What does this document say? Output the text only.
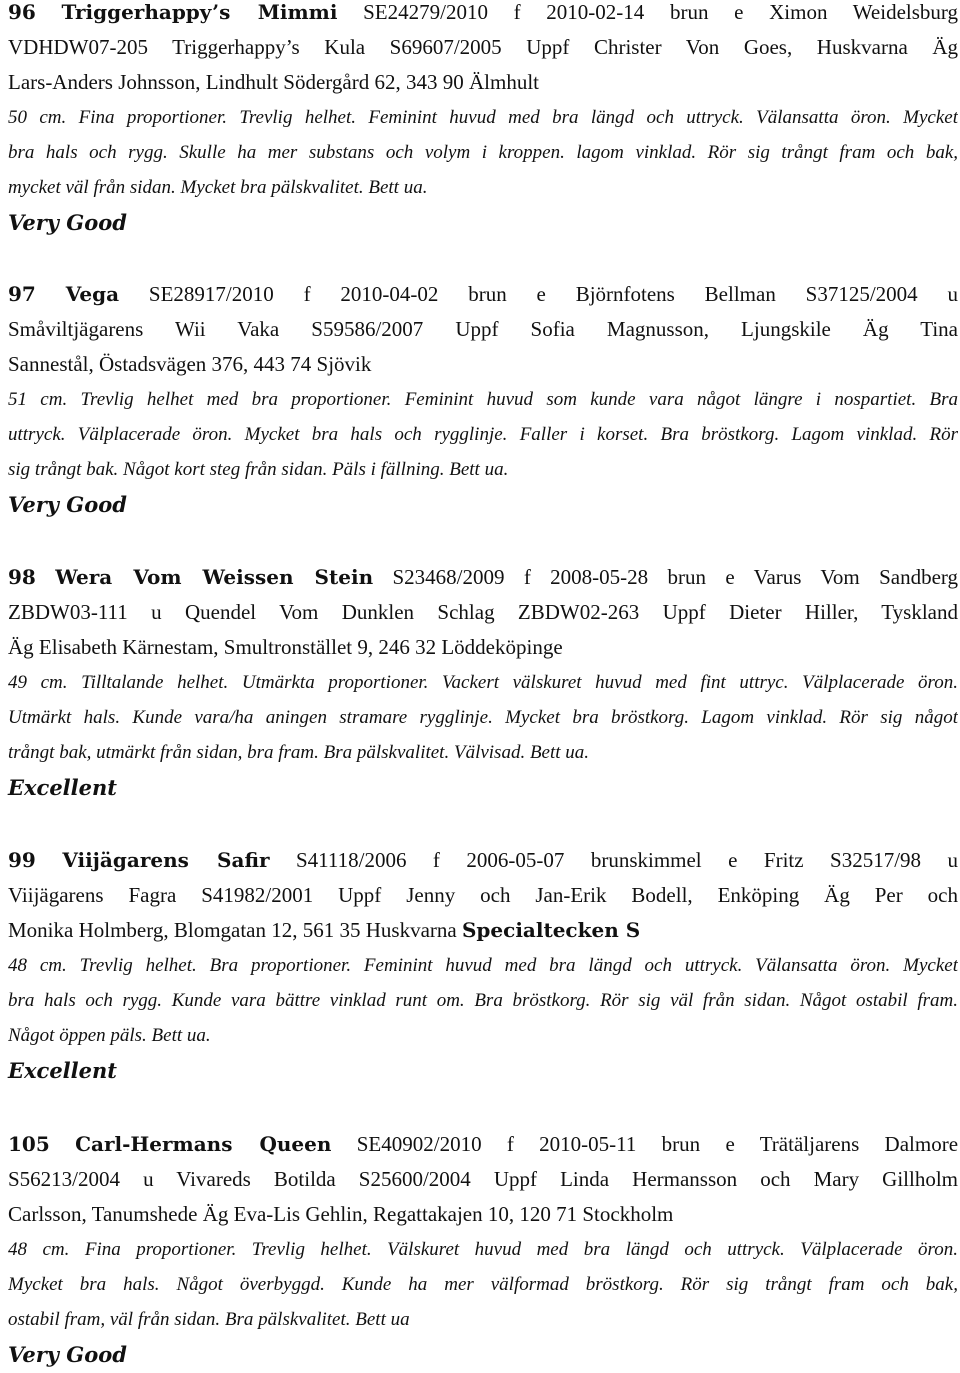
96 Triggerhappy’s Mimmi SE24279/2010 f 2010-02-14 brun e Ximon Weidelsburg
VDHDW07-205 Triggerhappy’s Kula S69607/2005 Uppf Christer Von Goes, Huskvarna Äg
Lars-Anders Johnsson, Lindhult Södergård 62, 343 90 Älmhult
50 cm. Fina proportioner. Trevlig helhet. Feminint huvud med bra längd och uttryck. Välansatta öron. Mycket
bra hals och rygg. Skulle ha mer substans och volym i kroppen. lagom vinklad. Rör sig trångt fram och bak,
mycket väl från sidan. Mycket bra pälskvalitet. Bett ua.
Very Good
97 Vega SE28917/2010 f 2010-04-02 brun e Björnfotens Bellman S37125/2004 u
Småviltjägarens Wii Vaka S59586/2007 Uppf Sofia Magnusson, Ljungskile Äg Tina
Sannestål, Östadsvägen 376, 443 74 Sjövik
51 cm. Trevlig helhet med bra proportioner. Feminint huvud som kunde vara något längre i nospartiet. Bra
uttryck. Välplacerade öron. Mycket bra hals och rygglinje. Faller i korset. Bra bröstkorg. Lagom vinklad. Rör
sig trångt bak. Något kort steg från sidan. Päls i fällning. Bett ua.
Very Good
98 Wera Vom Weissen Stein S23468/2009 f 2008-05-28 brun e Varus Vom Sandberg
ZBDW03-111 u Quendel Vom Dunklen Schlag ZBDW02-263 Uppf Dieter Hiller, Tyskland
Äg Elisabeth Kärnestam, Smultronstället 9, 246 32 Löddeköpinge
49 cm. Tilltalande helhet. Utmärkta proportioner. Vackert välskuret huvud med fint uttryc. Välplacerade öron.
Utmärkt hals. Kunde vara/ha aningen stramare rygglinje. Mycket bra bröstkorg. Lagom vinklad. Rör sig något
trångt bak, utmärkt från sidan, bra fram. Bra pälskvalitet. Välvisad. Bett ua.
Excellent
99 Viijägarens Safir S41118/2006 f 2006-05-07 brunskimmel e Fritz S32517/98 u
Viijägarens Fagra S41982/2001 Uppf Jenny och Jan-Erik Bodell, Enköping Äg Per och
Monika Holmberg, Blomgatan 12, 561 35 Huskvarna Specialtecken S
48 cm. Trevlig helhet. Bra proportioner. Feminint huvud med bra längd och uttryck. Välansatta öron. Mycket
bra hals och rygg. Kunde vara bättre vinklad runt om. Bra bröstkorg. Rör sig väl från sidan. Något ostabil fram.
Något öppen päls. Bett ua.
Excellent
105 Carl-Hermans Queen SE40902/2010 f 2010-05-11 brun e Trätäljarens Dalmore
S56213/2004 u Vivareds Botilda S25600/2004 Uppf Linda Hermansson och Mary Gillholm
Carlsson, Tanumshede Äg Eva-Lis Gehlin, Regattakajen 10, 120 71 Stockholm
48 cm. Fina proportioner. Trevlig helhet. Välskuret huvud med bra längd och uttryck. Välplacerade öron.
Mycket bra hals. Något överbyggd. Kunde ha mer välformad bröstkorg. Rör sig trångt fram och bak,
ostabil fram, väl från sidan. Bra pälskvalitet. Bett ua
Very Good
